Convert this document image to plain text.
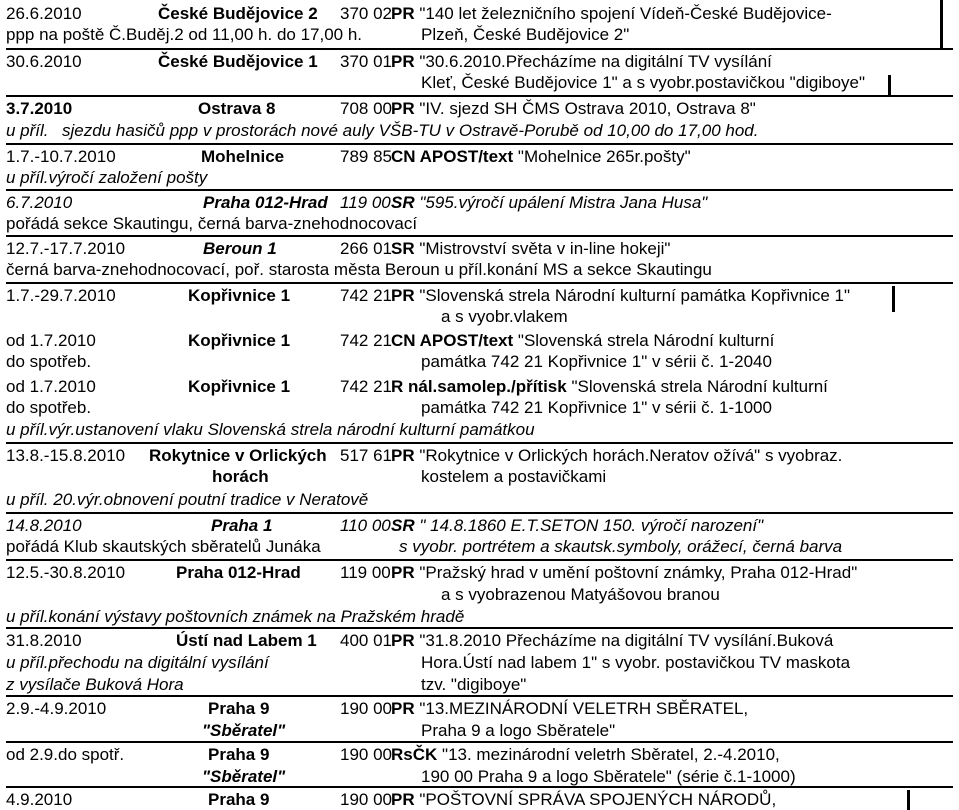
26.6.2010	České Budějovice 2 370 02 PR "140 let železničního spojení Vídeň-České Budějovice-
ppp na poště Č.Buděj.2 od 11,00 h. do 17,00 h.	Plzeň, České Budějovice 2"
30.6.2010	České Budějovice 1 370 01 PR "30.6.2010.Přecházíme na digitální TV vysílání
Kleť, České Budějovice 1" a s vyobr.postavičkou "digiboye"
3.7.2010	Ostrava 8	708 00 PR "IV. sjezd SH ČMS Ostrava 2010, Ostrava 8"
u příl. sjezdu hasičů ppp v prostorách nové auly VŠB-TU v Ostravě-Porubě od 10,00 do 17,00 hod.
1.7.-10.7.2010	Mohelnice	789 85 CN APOST/text "Mohelnice 265r.pošty"
u příl.výročí založení pošty
6.7.2010	Praha 012-Hrad 119 00 SR "595.výročí upálení Mistra Jana Husa"
pořádá sekce Skautingu, černá barva-znehodnocovací
12.7.-17.7.2010	Beroun 1	266 01 SR "Mistrovství světa v in-line hokeji"
černá barva-znehodnocovací, poř. starosta města Beroun u příl.konání MS a sekce Skautingu
1.7.-29.7.2010	Kopřivnice 1	742 21 PR "Slovenská strela Národní kulturní památka Kopřivnice 1"
a s vyobr.vlakem
od 1.7.2010	Kopřivnice 1	742 21 CN APOST/text "Slovenská strela Národní kulturní
do spotřeb.	památka 742 21 Kopřivnice 1" v sérii č. 1-2040
od 1.7.2010	Kopřivnice 1	742 21 R nál.samolep./přítisk "Slovenská strela Národní kulturní
do spotřeb.	památka 742 21 Kopřivnice 1" v sérii č. 1-1000
u příl.výr.ustanovení vlaku Slovenská strela národní kulturní památkou
13.8.-15.8.2010 Rokytnice v Orlických 517 61 PR "Rokytnice v Orlických horách.Neratov ožívá" s vyobraz.
horách	kostelem a postavičkami
u příl. 20.výr.obnovení poutní tradice v Neratově
14.8.2010	Praha 1	110 00 SR " 14.8.1860 E.T.SETON 150. výročí narození"
pořádá Klub skautských sběratelů Junáka	s vyobr. portrétem a skautsk.symboly, orážecí, černá barva
12.5.-30.8.2010	Praha 012-Hrad 119 00 PR "Pražský hrad v umění poštovní známky, Praha 012-Hrad"
a s vyobrazenou Matyášovou branou
u příl.konání výstavy poštovních známek na Pražském hradě
31.8.2010	Ústí nad Labem 1 400 01 PR "31.8.2010 Přecházíme na digitální TV vysílání.Buková
u příl.přechodu na digitální vysílání	Hora.Ústí nad labem 1" s vyobr. postavičkou TV maskota
z vysílače Buková Hora	tzv. "digiboye"
2.9.-4.9.2010	Praha 9	190 00 PR "13.MEZINÁRODNÍ VELETRH SBĚRATEL,
"Sběratel"	Praha 9 a logo Sběratele"
od 2.9.do spotř.	Praha 9	190 00 RsČK "13. mezinárodní veletrh Sběratel, 2.-4.2010,
"Sběratel"	190 00 Praha 9 a logo Sběratele" (série č.1-1000)
4.9.2010	Praha 9	190 00 PR "POŠTOVNÍ SPRÁVA SPOJENÝCH NÁRODŮ,
